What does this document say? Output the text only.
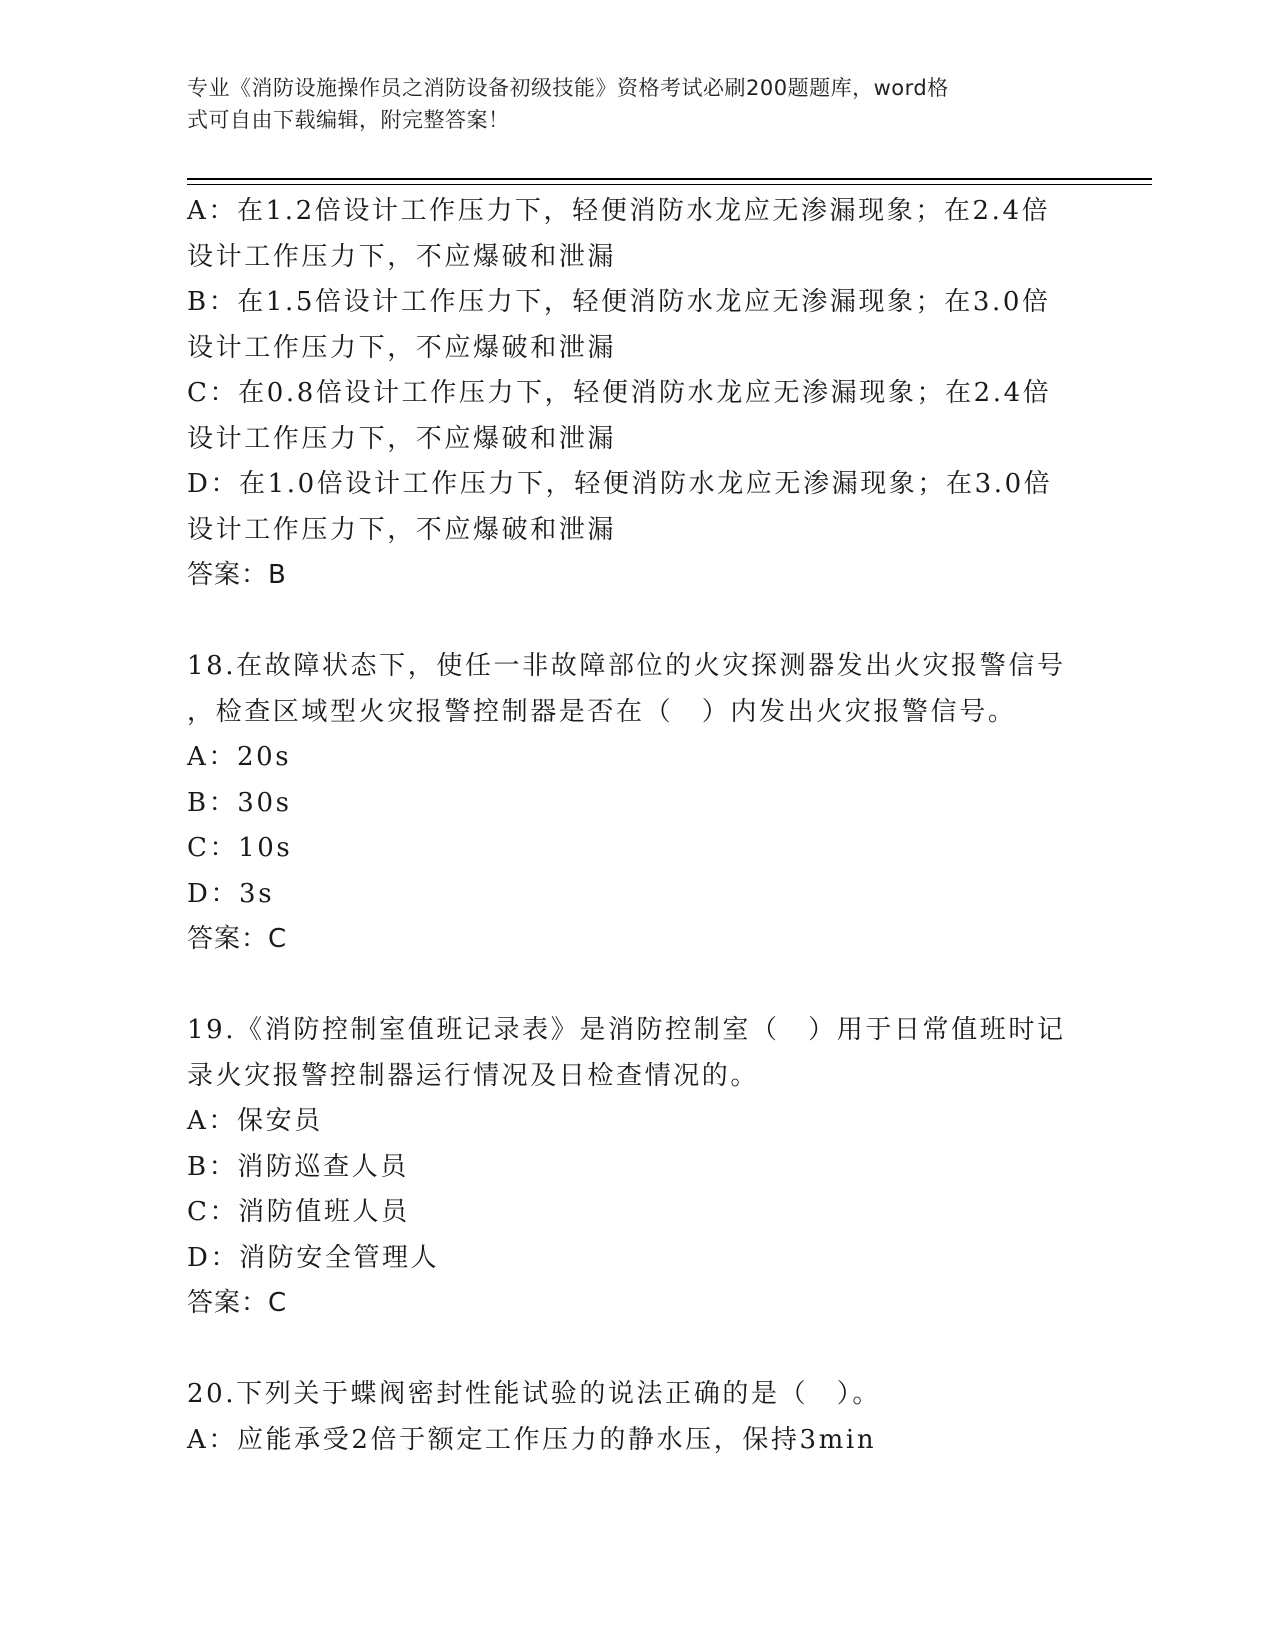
专业《消防设施操作员之消防设备初级技能》资格考试必刷200题题库，word格
式可自由下载编辑，附完整答案！
A：在1.2倍设计工作压力下，轻便消防水龙应无渗漏现象；在2.4倍
设计工作压力下，不应爆破和泄漏
B：在1.5倍设计工作压力下，轻便消防水龙应无渗漏现象；在3.0倍
设计工作压力下，不应爆破和泄漏
C：在0.8倍设计工作压力下，轻便消防水龙应无渗漏现象；在2.4倍
设计工作压力下，不应爆破和泄漏
D：在1.0倍设计工作压力下，轻便消防水龙应无渗漏现象；在3.0倍
设计工作压力下，不应爆破和泄漏
答案：B
18.在故障状态下，使任一非故障部位的火灾探测器发出火灾报警信号
，检查区域型火灾报警控制器是否在（　）内发出火灾报警信号。
A：20s
B：30s
C：10s
D：3s
答案：C
19.《消防控制室值班记录表》是消防控制室（　）用于日常值班时记
录火灾报警控制器运行情况及日检查情况的。
A：保安员
B：消防巡查人员
C：消防值班人员
D：消防安全管理人
答案：C
20.下列关于蝶阀密封性能试验的说法正确的是（　）。
A：应能承受2倍于额定工作压力的静水压，保持3min
